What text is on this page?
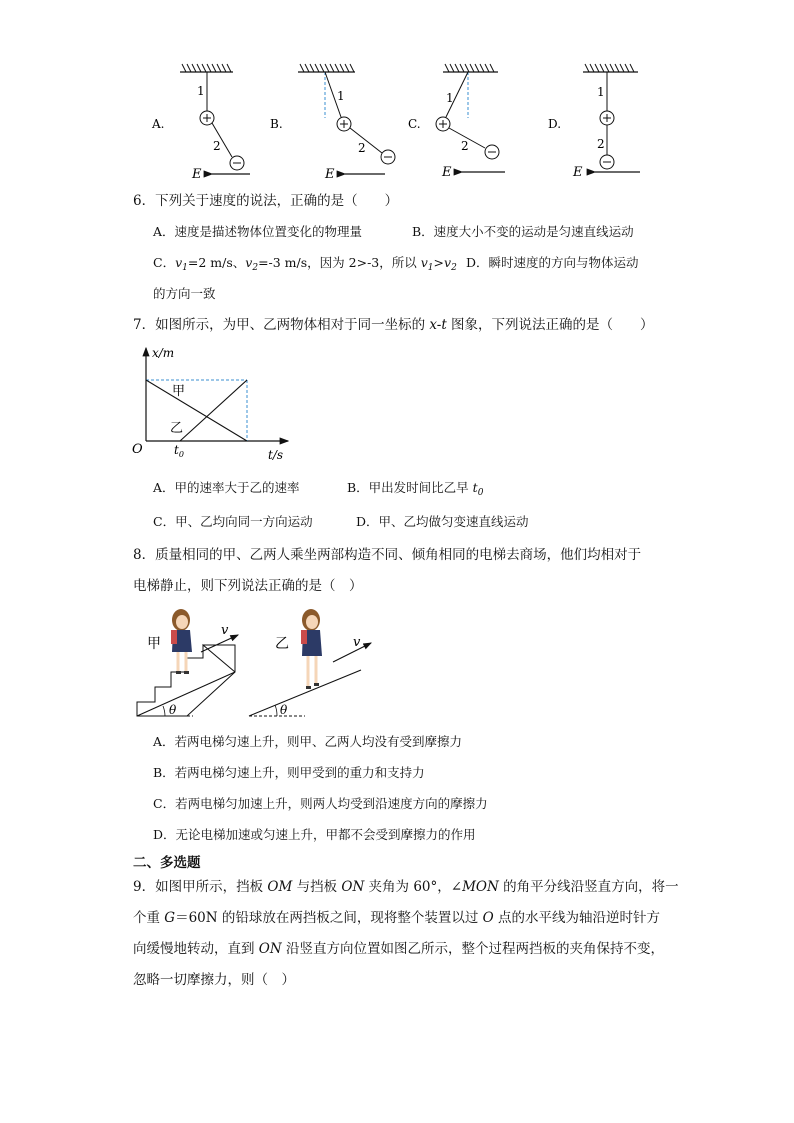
A.
1
2
E
B.
1
2
E
C.
1
2
E
D.
1
2
E
6．下列关于速度的说法，正确的是（　　）
A．速度是描述物体位置变化的物理量	B．速度大小不变的运动是匀速直线运动
C．$v_1=2$ m/s、$v_2=-3$ m/s，因为 2>-3，所以 $v_1>v_2$ D．瞬时速度的方向与物体运动
的方向一致
7．如图所示，为甲、乙两物体相对于同一坐标的 x-t 图象，下列说法正确的是（　　）
x/m
t/s
O	$t_0$
甲
乙
A．甲的速率大于乙的速率	B．甲出发时间比乙早 $t_0$
C．甲、乙均向同一方向运动	D．甲、乙均做匀变速直线运动
8．质量相同的甲、乙两人乘坐两部构造不同、倾角相同的电梯去商场，他们均相对于
电梯静止，则下列说法正确的是（　）
θ
甲
v
θ
乙	v
A．若两电梯匀速上升，则甲、乙两人均没有受到摩擦力
B．若两电梯匀速上升，则甲受到的重力和支持力
C．若两电梯匀加速上升，则两人均受到沿速度方向的摩擦力
D．无论电梯加速或匀速上升，甲都不会受到摩擦力的作用
二、多选题
9．如图甲所示，挡板 OM 与挡板 ON 夹角为 60°，∠MON 的角平分线沿竖直方向，将一
个重 G＝60N 的铅球放在两挡板之间，现将整个装置以过 O 点的水平线为轴沿逆时针方
向缓慢地转动，直到 ON 沿竖直方向位置如图乙所示，整个过程两挡板的夹角保持不变，
忽略一切摩擦力，则（　）
